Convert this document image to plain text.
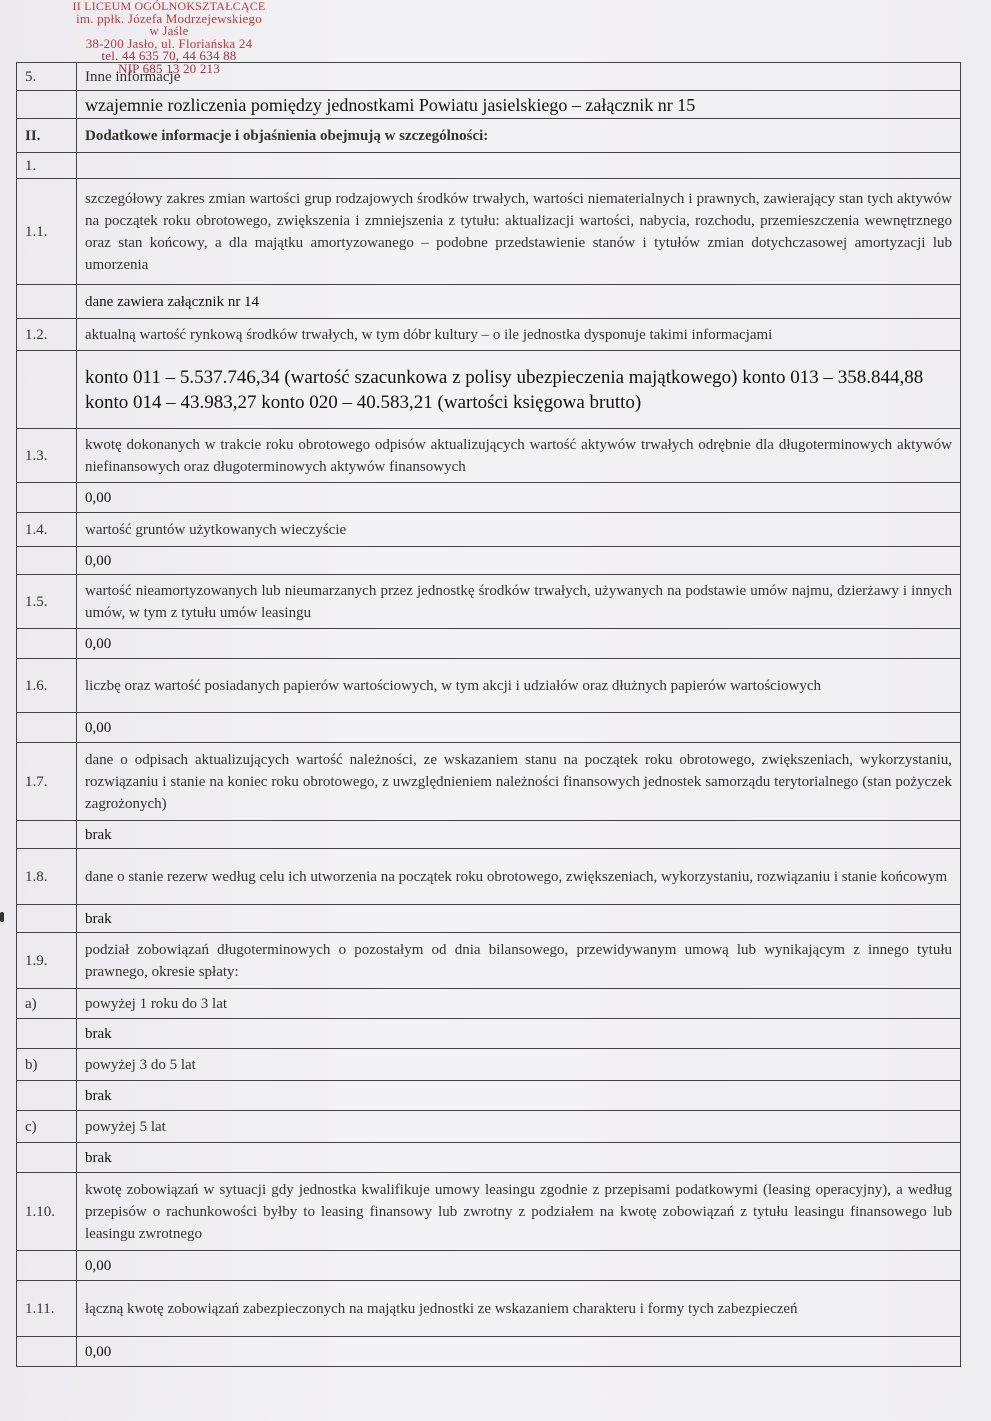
II LICEUM OGÓLNOKSZTAŁCĄCE
im. ppłk. Józefa Modrzejewskiego
w Jaśle
38-200 Jasło, ul. Floriańska 24
tel. 44 635 70, 44 634 88
NIP 685 13 20 213
5.	Inne informacje
	wzajemnie rozliczenia pomiędzy jednostkami Powiatu jasielskiego – załącznik nr 15
II.	Dodatkowe informacje i objaśnienia obejmują w szczególności:
1.	
1.1.	szczegółowy zakres zmian wartości grup rodzajowych środków trwałych, wartości niematerialnych i prawnych, zawierający stan tych aktywów na początek roku obrotowego, zwiększenia i zmniejszenia z tytułu: aktualizacji wartości, nabycia, rozchodu, przemieszczenia wewnętrznego oraz stan końcowy, a dla majątku amortyzowanego – podobne przedstawienie stanów i tytułów zmian dotychczasowej amortyzacji lub umorzenia
	dane zawiera załącznik nr 14
1.2.	aktualną wartość rynkową środków trwałych, w tym dóbr kultury – o ile jednostka dysponuje takimi informacjami
	konto 011 – 5.537.746,34 (wartość szacunkowa z polisy ubezpieczenia majątkowego) konto 013 – 358.844,88 konto 014 – 43.983,27 konto 020 – 40.583,21 (wartości księgowa brutto)
1.3.	kwotę dokonanych w trakcie roku obrotowego odpisów aktualizujących wartość aktywów trwałych odrębnie dla długoterminowych aktywów niefinansowych oraz długoterminowych aktywów finansowych
	0,00
1.4.	wartość gruntów użytkowanych wieczyście
	0,00
1.5.	wartość nieamortyzowanych lub nieumarzanych przez jednostkę środków trwałych, używanych na podstawie umów najmu, dzierżawy i innych umów, w tym z tytułu umów leasingu
	0,00
1.6.	liczbę oraz wartość posiadanych papierów wartościowych, w tym akcji i udziałów oraz dłużnych papierów wartościowych
	0,00
1.7.	dane o odpisach aktualizujących wartość należności, ze wskazaniem stanu na początek roku obrotowego, zwiększeniach, wykorzystaniu, rozwiązaniu i stanie na koniec roku obrotowego, z uwzględnieniem należności finansowych jednostek samorządu terytorialnego (stan pożyczek zagrożonych)
	brak
1.8.	dane o stanie rezerw według celu ich utworzenia na początek roku obrotowego, zwiększeniach, wykorzystaniu, rozwiązaniu i stanie końcowym
	brak
1.9.	podział zobowiązań długoterminowych o pozostałym od dnia bilansowego, przewidywanym umową lub wynikającym z innego tytułu prawnego, okresie spłaty:
a)	powyżej 1 roku do 3 lat
	brak
b)	powyżej 3 do 5 lat
	brak
c)	powyżej 5 lat
	brak
1.10.	kwotę zobowiązań w sytuacji gdy jednostka kwalifikuje umowy leasingu zgodnie z przepisami podatkowymi (leasing operacyjny), a według przepisów o rachunkowości byłby to leasing finansowy lub zwrotny z podziałem na kwotę zobowiązań z tytułu leasingu finansowego lub leasingu zwrotnego
	0,00
1.11.	łączną kwotę zobowiązań zabezpieczonych na majątku jednostki ze wskazaniem charakteru i formy tych zabezpieczeń
	0,00
